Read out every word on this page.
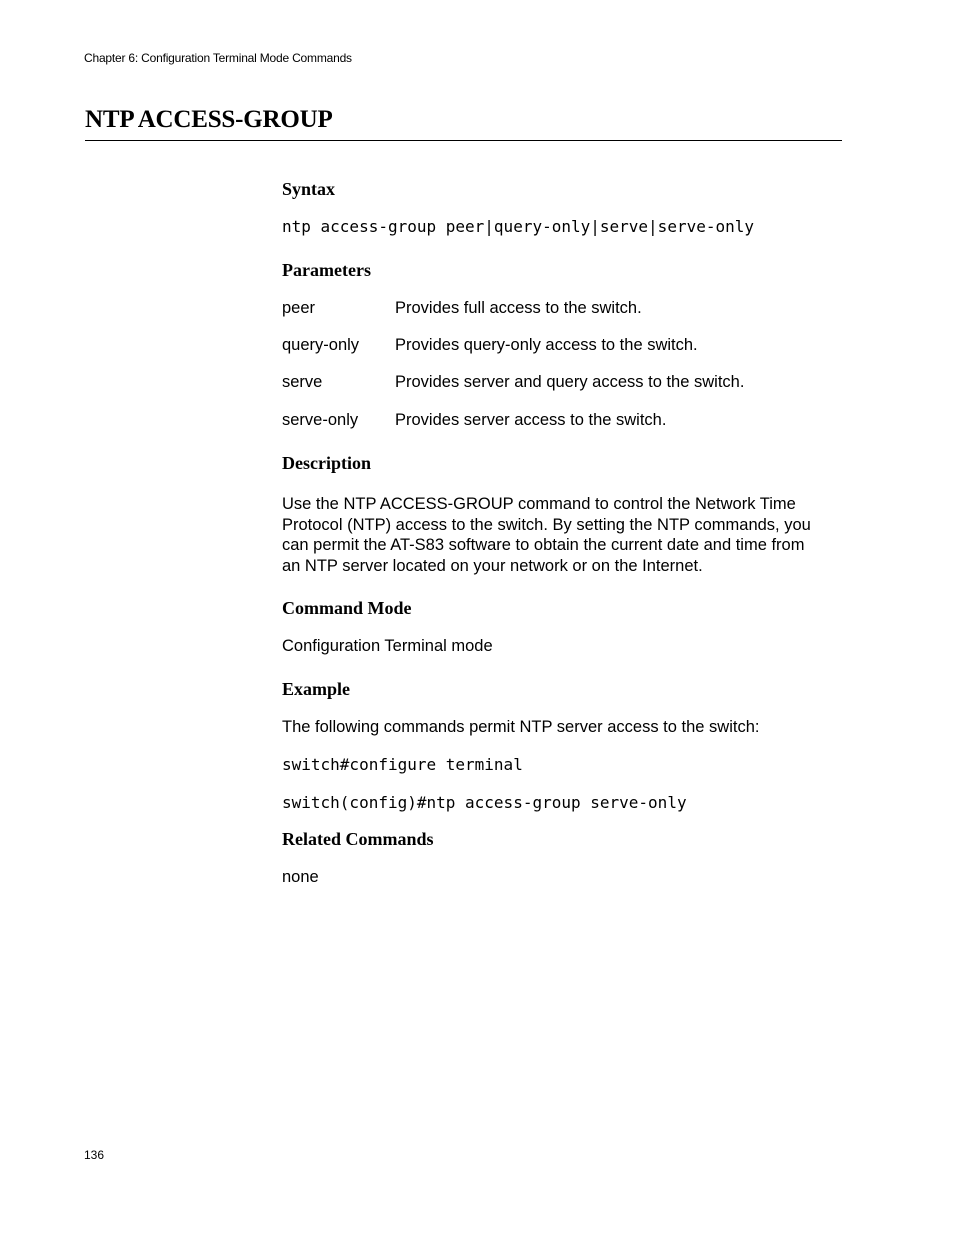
Chapter 6: Configuration Terminal Mode Commands
NTP ACCESS-GROUP
Syntax
ntp access-group peer|query-only|serve|serve-only
Parameters
peer	Provides full access to the switch.
query-only Provides query-only access to the switch.
serve	Provides server and query access to the switch.
serve-only Provides server access to the switch.
Description
Use the NTP ACCESS-GROUP command to control the Network Time
Protocol (NTP) access to the switch. By setting the NTP commands, you
can permit the AT-S83 software to obtain the current date and time from
an NTP server located on your network or on the Internet.
Command Mode
Configuration Terminal mode
Example
The following commands permit NTP server access to the switch:
switch#configure terminal
switch(config)#ntp access-group serve-only
Related Commands
none
136
